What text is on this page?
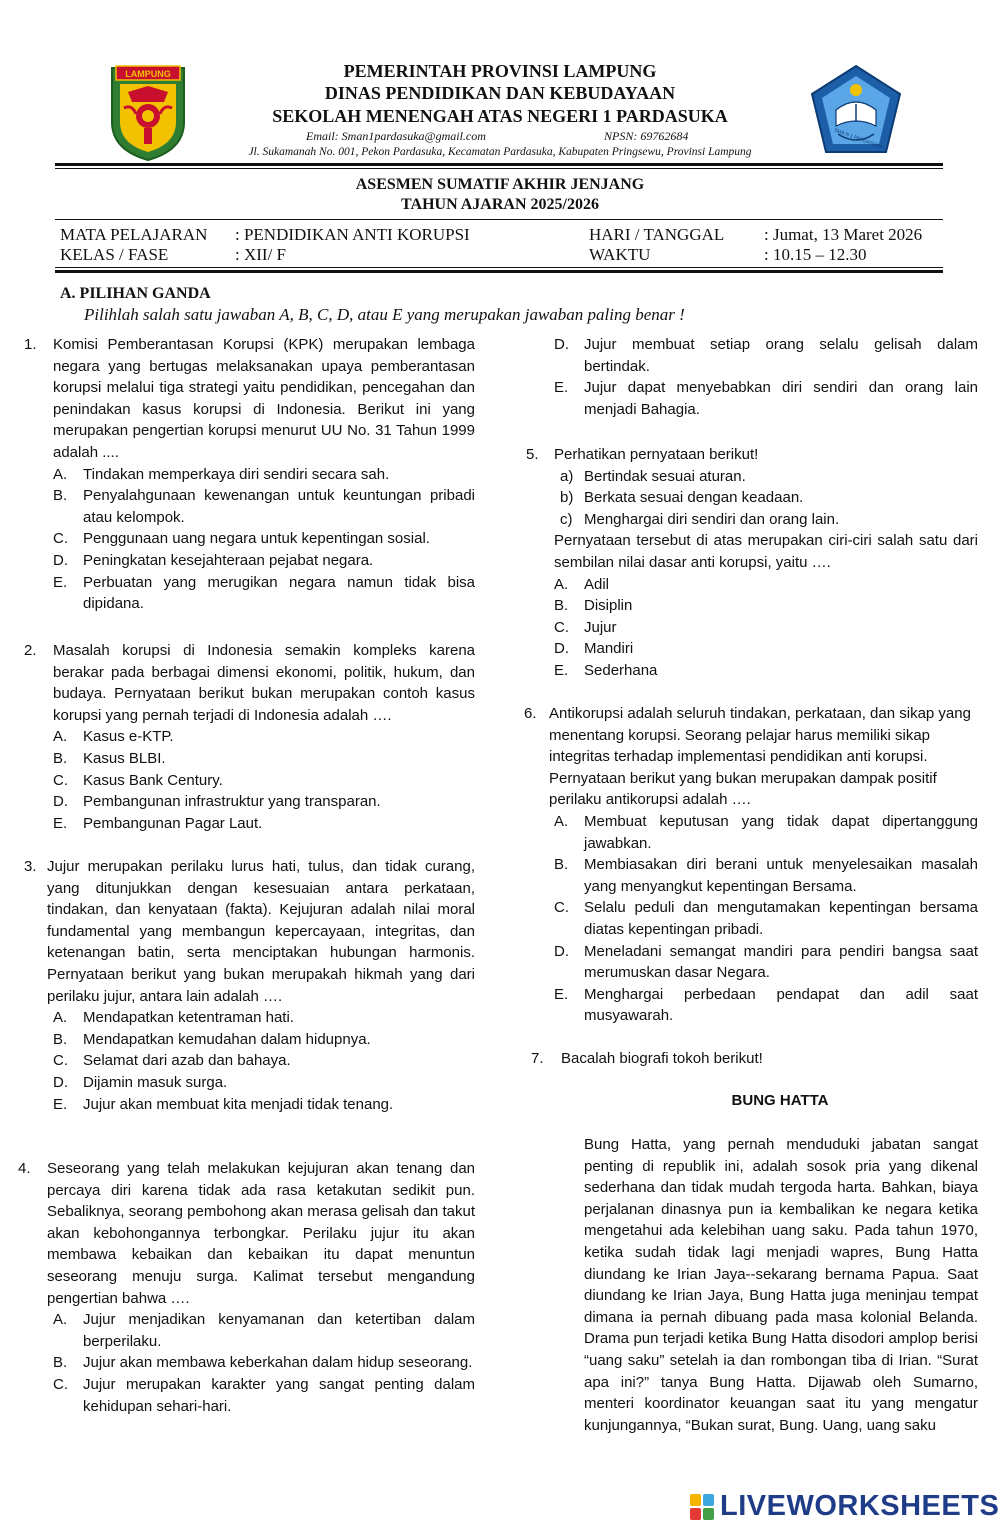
LAMPUNG
SMA N 1 PARDASUKA
PEMERINTAH PROVINSI LAMPUNG
DINAS PENDIDIKAN DAN KEBUDAYAAN
SEKOLAH MENENGAH ATAS NEGERI 1 PARDASUKA
Email: Sman1pardasuka@gmail.com	NPSN: 69762684
Jl. Sukamanah No. 001, Pekon Pardasuka, Kecamatan Pardasuka, Kabupaten Pringsewu, Provinsi Lampung
ASESMEN SUMATIF AKHIR JENJANG
TAHUN AJARAN 2025/2026
MATA PELAJARAN : PENDIDIKAN ANTI KORUPSI	HARI / TANGGAL : Jumat, 13 Maret 2026
KELAS / FASE	: XII/ F	WAKTU	: 10.15 – 12.30
A. PILIHAN GANDA
Pilihlah salah satu jawaban A, B, C, D, atau E yang merupakan jawaban paling benar !
1.	Komisi Pemberantasan Korupsi (KPK) merupakan lembaga negara yang bertugas melaksanakan upaya pemberantasan korupsi melalui tiga strategi yaitu pendidikan, pencegahan dan penindakan kasus korupsi di Indonesia. Berikut ini yang merupakan pengertian korupsi menurut UU No. 31 Tahun 1999 adalah ....
A.	Tindakan memperkaya diri sendiri secara sah.
B.	Penyalahgunaan kewenangan untuk keuntungan pribadi atau kelompok.
C.	Penggunaan uang negara untuk kepentingan sosial.
D.	Peningkatan kesejahteraan pejabat negara.
E.	Perbuatan yang merugikan negara namun tidak bisa dipidana.
2.	Masalah korupsi di Indonesia semakin kompleks karena berakar pada berbagai dimensi ekonomi, politik, hukum, dan budaya. Pernyataan berikut bukan merupakan contoh kasus korupsi yang pernah terjadi di Indonesia adalah ….
A.	Kasus e-KTP.
B.	Kasus BLBI.
C.	Kasus Bank Century.
D.	Pembangunan infrastruktur yang transparan.
E.	Pembangunan Pagar Laut.
3. Jujur merupakan perilaku lurus hati, tulus, dan tidak curang, yang ditunjukkan dengan kesesuaian antara perkataan, tindakan, dan kenyataan (fakta). Kejujuran adalah nilai moral fundamental yang membangun kepercayaan, integritas, dan ketenangan batin, serta menciptakan hubungan harmonis. Pernyataan berikut yang bukan merupakah hikmah yang dari perilaku jujur, antara lain adalah ….
A.	Mendapatkan ketentraman hati.
B.	Mendapatkan kemudahan dalam hidupnya.
C.	Selamat dari azab dan bahaya.
D.	Dijamin masuk surga.
E.	Jujur akan membuat kita menjadi tidak tenang.
4.	Seseorang yang telah melakukan kejujuran akan tenang dan percaya diri karena tidak ada rasa ketakutan sedikit pun. Sebaliknya, seorang pembohong akan merasa gelisah dan takut akan kebohongannya terbongkar. Perilaku jujur itu akan membawa kebaikan dan kebaikan itu dapat menuntun seseorang menuju surga. Kalimat tersebut mengandung pengertian bahwa ….
A.	Jujur menjadikan kenyamanan dan ketertiban dalam berperilaku.
B.	Jujur akan membawa keberkahan dalam hidup seseorang.
C.	Jujur merupakan karakter yang sangat penting dalam kehidupan sehari-hari.
D.	Jujur membuat setiap orang selalu gelisah dalam bertindak.
E.	Jujur dapat menyebabkan diri sendiri dan orang lain menjadi Bahagia.
5.	Perhatikan pernyataan berikut!
a) Bertindak sesuai aturan.
b) Berkata sesuai dengan keadaan.
c) Menghargai diri sendiri dan orang lain.
Pernyataan tersebut di atas merupakan ciri-ciri salah satu dari sembilan nilai dasar anti korupsi, yaitu ….
A.	Adil
B.	Disiplin
C.	Jujur
D.	Mandiri
E.	Sederhana
6. Antikorupsi adalah seluruh tindakan, perkataan, dan sikap yang menentang korupsi. Seorang pelajar harus memiliki sikap integritas terhadap implementasi pendidikan anti korupsi. Pernyataan berikut yang bukan merupakan dampak positif perilaku antikorupsi adalah ….
A.	Membuat keputusan yang tidak dapat dipertanggung jawabkan.
B.	Membiasakan diri berani untuk menyelesaikan masalah yang menyangkut kepentingan Bersama.
C.	Selalu peduli dan mengutamakan kepentingan bersama diatas kepentingan pribadi.
D.	Meneladani semangat mandiri para pendiri bangsa saat merumuskan dasar Negara.
E.	Menghargai perbedaan pendapat dan adil saat musyawarah.
7.	Bacalah biografi tokoh berikut!
BUNG HATTA
Bung Hatta, yang pernah menduduki jabatan sangat penting di republik ini, adalah sosok pria yang dikenal sederhana dan tidak mudah tergoda harta. Bahkan, biaya perjalanan dinasnya pun ia kembalikan ke negara ketika mengetahui ada kelebihan uang saku. Pada tahun 1970, ketika sudah tidak lagi menjadi wapres, Bung Hatta diundang ke Irian Jaya--sekarang bernama Papua. Saat diundang ke Irian Jaya, Bung Hatta juga meninjau tempat dimana ia pernah dibuang pada masa kolonial Belanda. Drama pun terjadi ketika Bung Hatta disodori amplop berisi “uang saku” setelah ia dan rombongan tiba di Irian. “Surat apa ini?” tanya Bung Hatta. Dijawab oleh Sumarno, menteri koordinator keuangan saat itu yang mengatur kunjungannya, “Bukan surat, Bung. Uang, uang saku
LIVEWORKSHEETS
